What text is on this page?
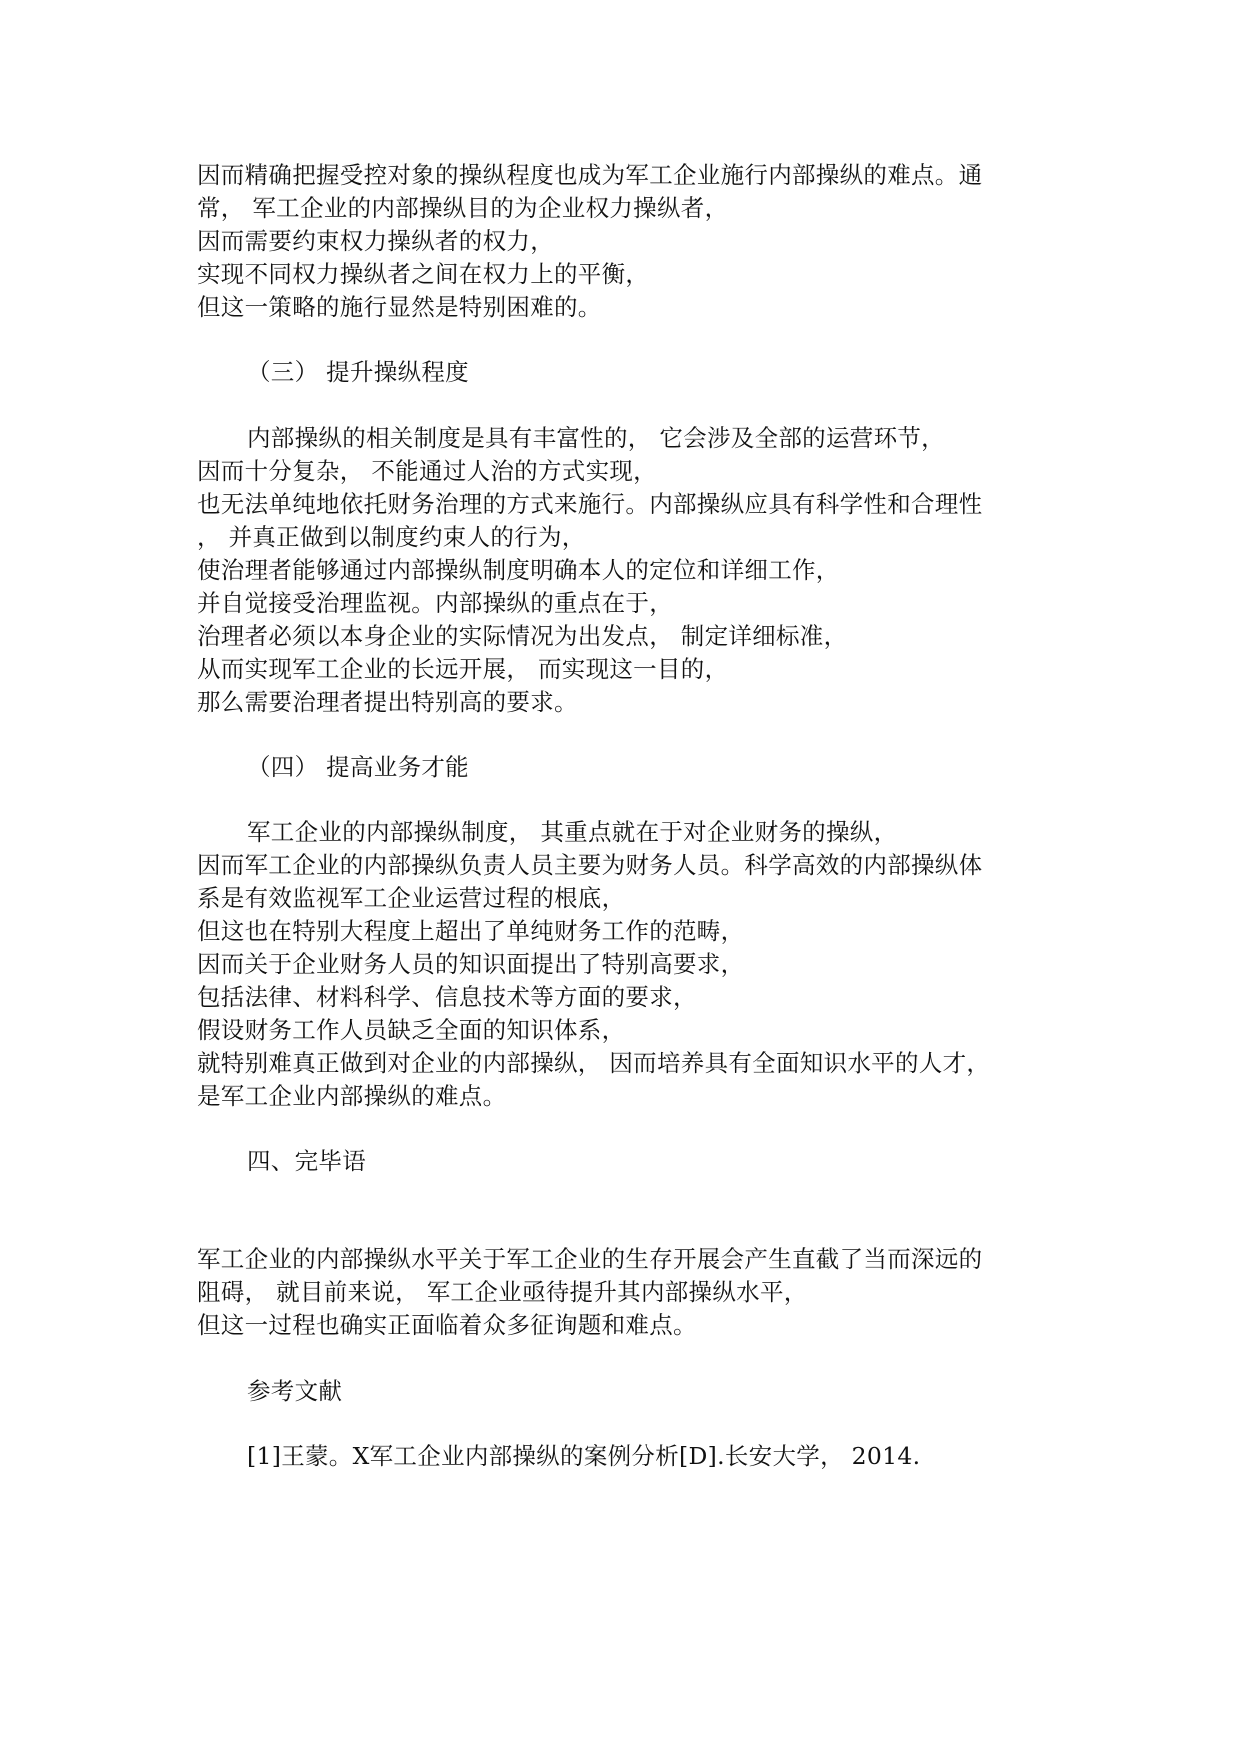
因而精确把握受控对象的操纵程度也成为军工企业施行内部操纵的难点。通
常， 军工企业的内部操纵目的为企业权力操纵者，
因而需要约束权力操纵者的权力，
实现不同权力操纵者之间在权力上的平衡，
但这一策略的施行显然是特别困难的。
（三） 提升操纵程度
内部操纵的相关制度是具有丰富性的， 它会涉及全部的运营环节，
因而十分复杂， 不能通过人治的方式实现，
也无法单纯地依托财务治理的方式来施行。内部操纵应具有科学性和合理性
， 并真正做到以制度约束人的行为，
使治理者能够通过内部操纵制度明确本人的定位和详细工作，
并自觉接受治理监视。内部操纵的重点在于，
治理者必须以本身企业的实际情况为出发点， 制定详细标准，
从而实现军工企业的长远开展， 而实现这一目的，
那么需要治理者提出特别高的要求。
（四） 提高业务才能
军工企业的内部操纵制度， 其重点就在于对企业财务的操纵，
因而军工企业的内部操纵负责人员主要为财务人员。科学高效的内部操纵体
系是有效监视军工企业运营过程的根底，
但这也在特别大程度上超出了单纯财务工作的范畴，
因而关于企业财务人员的知识面提出了特别高要求，
包括法律、材料科学、信息技术等方面的要求，
假设财务工作人员缺乏全面的知识体系，
就特别难真正做到对企业的内部操纵， 因而培养具有全面知识水平的人才，
是军工企业内部操纵的难点。
四、完毕语
军工企业的内部操纵水平关于军工企业的生存开展会产生直截了当而深远的
阻碍， 就目前来说， 军工企业亟待提升其内部操纵水平，
但这一过程也确实正面临着众多征询题和难点。
参考文献
[1]王蒙。X军工企业内部操纵的案例分析[D].长安大学， 2014.
